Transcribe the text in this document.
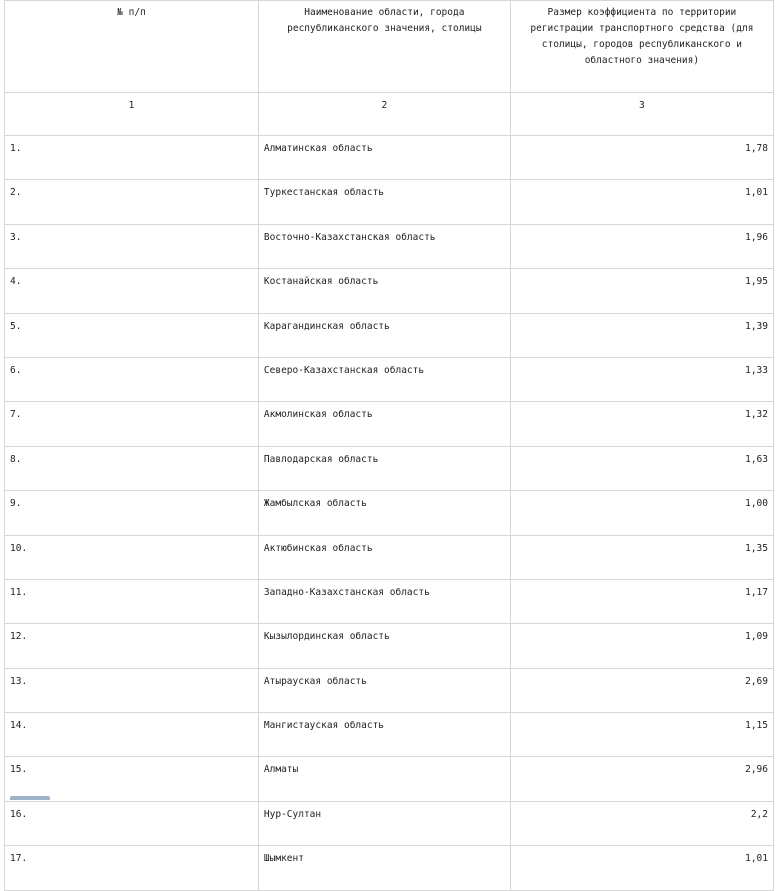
№ п/п	Наименование области, города республиканского значения, столицы	Размер коэффициента по территории регистрации транспортного средства (для столицы, городов республиканского и областного значения)
1	2	3
1.	Алматинская область	1,78
2.	Туркестанская область	1,01
3.	Восточно-Казахстанская область	1,96
4.	Костанайская область	1,95
5.	Карагандинская область	1,39
6.	Северо-Казахстанская область	1,33
7.	Акмолинская область	1,32
8.	Павлодарская область	1,63
9.	Жамбылская область	1,00
10.	Актюбинская область	1,35
11.	Западно-Казахстанская область	1,17
12.	Кызылординская область	1,09
13.	Атырауская область	2,69
14.	Мангистауская область	1,15
15.	Алматы	2,96
16.	Нур-Султан	2,2
17.	Шымкент	1,01
